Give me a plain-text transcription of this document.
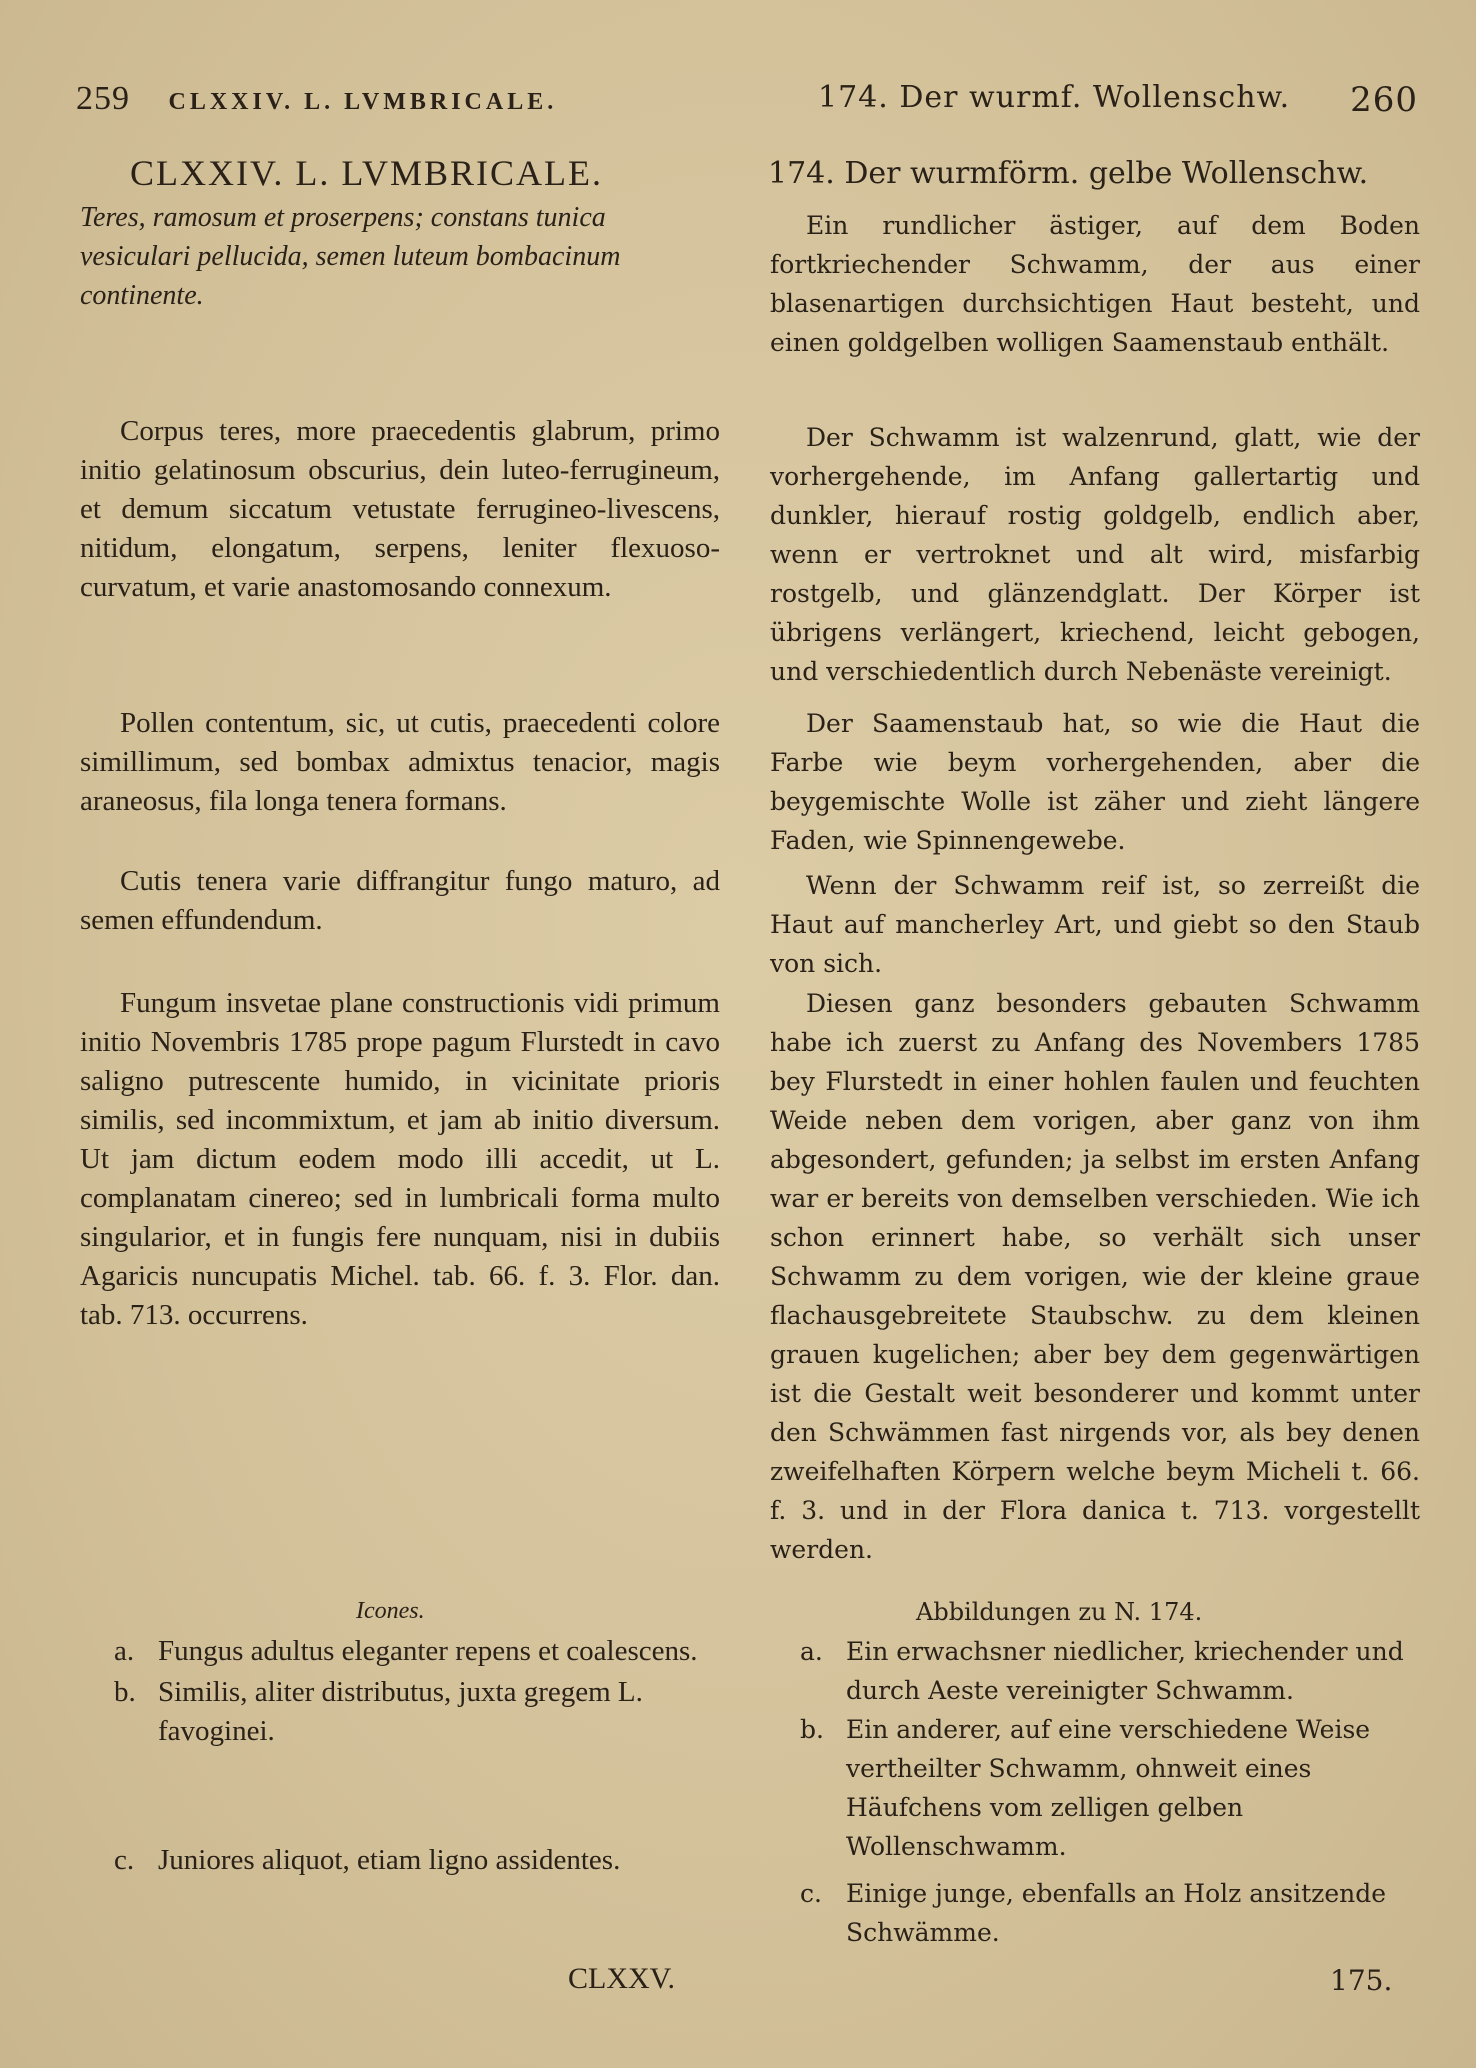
259 CLXXIV. L. LVMBRICALE.	260
174. Der wurmf. Wollenschw.
CLXXIV. L. LVMBRICALE.	174. Der wurmförm. gelbe Wollenschw.
Teres, ramosum et proserpens; constans tunica vesiculari pellucida, semen luteum bombacinum continente.
Corpus teres, more praecedentis glabrum, primo initio gelatinosum obscurius, dein luteo-ferrugineum, et demum siccatum vetustate ferrugineo-livescens, nitidum, elongatum, serpens, leniter flexuoso-curvatum, et varie anastomosando connexum.
Pollen contentum, sic, ut cutis, praecedenti colore simillimum, sed bombax admixtus tenacior, magis araneosus, fila longa tenera formans.
Cutis tenera varie diffrangitur fungo maturo, ad semen effundendum.
Fungum insvetae plane constructionis vidi primum initio Novembris 1785 prope pagum Flurstedt in cavo saligno putrescente humido, in vicinitate prioris similis, sed incommixtum, et jam ab initio diversum. Ut jam dictum eodem modo illi accedit, ut L. complanatam cinereo; sed in lumbricali forma multo singularior, et in fungis fere nunquam, nisi in dubiis Agaricis nuncupatis Michel. tab. 66. f. 3. Flor. dan. tab. 713. occurrens.
Icones.
a. Fungus adultus eleganter repens et coalescens.
b. Similis, aliter distributus, juxta gregem L. favoginei.
c. Juniores aliquot, etiam ligno assidentes.
CLXXV.
Ein rundlicher ästiger, auf dem Boden fortkriechender Schwamm, der aus einer blasenartigen durchsichtigen Haut besteht, und einen goldgelben wolligen Saamenstaub enthält.
Der Schwamm ist walzenrund, glatt, wie der vorhergehende, im Anfang gallertartig und dunkler, hierauf rostig goldgelb, endlich aber, wenn er vertroknet und alt wird, misfarbig rostgelb, und glänzendglatt. Der Körper ist übrigens verlängert, kriechend, leicht gebogen, und verschiedentlich durch Nebenäste vereinigt.
Der Saamenstaub hat, so wie die Haut die Farbe wie beym vorhergehenden, aber die beygemischte Wolle ist zäher und zieht längere Faden, wie Spinnengewebe.
Wenn der Schwamm reif ist, so zerreißt die Haut auf mancherley Art, und giebt so den Staub von sich.
Diesen ganz besonders gebauten Schwamm habe ich zuerst zu Anfang des Novembers 1785 bey Flurstedt in einer hohlen faulen und feuchten Weide neben dem vorigen, aber ganz von ihm abgesondert, gefunden; ja selbst im ersten Anfang war er bereits von demselben verschieden. Wie ich schon erinnert habe, so verhält sich unser Schwamm zu dem vorigen, wie der kleine graue flachausgebreitete Staubschw. zu dem kleinen grauen kugelichen; aber bey dem gegenwärtigen ist die Gestalt weit besonderer und kommt unter den Schwämmen fast nirgends vor, als bey denen zweifelhaften Körpern welche beym Micheli t. 66. f. 3. und in der Flora danica t. 713. vorgestellt werden.
Abbildungen zu N. 174.
a. Ein erwachsner niedlicher, kriechender und durch Aeste vereinigter Schwamm.
b. Ein anderer, auf eine verschiedene Weise vertheilter Schwamm, ohnweit eines Häufchens vom zelligen gelben Wollenschwamm.
c. Einige junge, ebenfalls an Holz ansitzende Schwämme.
175.
